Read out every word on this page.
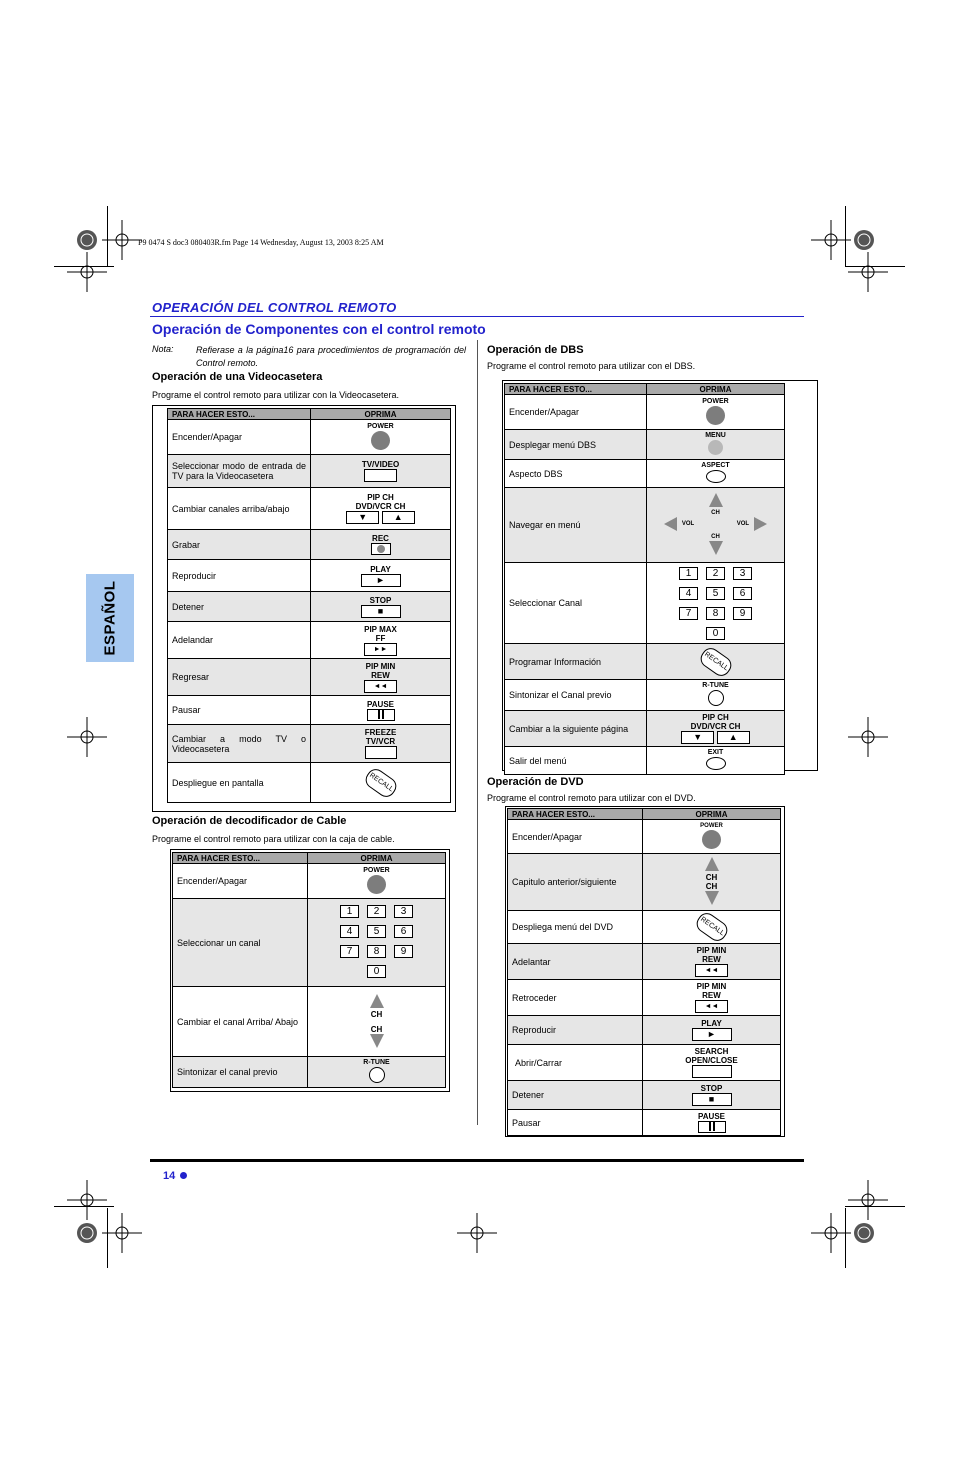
P9 0474 S doc3 080403R.fm Page 14 Wednesday, August 13, 2003 8:25 AM
OPERACIÓN DEL CONTROL REMOTO
Operación de Componentes con el control remoto
ESPAÑOL
Nota: Refierase a la página16 para procedimientos de programación del Control remoto.
Operación de una Videocasetera
Programe el control remoto para utilizar con la Videocasetera.
PARA HACER ESTO...	OPRIMA
Encender/Apagar	POWER

Seleccionar modo de entrada de TV para la Videocasetera	TV/VIDEO

Cambiar canales arriba/abajo	PIP CH
DVD/VCR CH
▼ ▲
Grabar	REC

Reproducir	PLAY
►
Detener	STOP
■
Adelandar	PIP MAX
FF
►►
Regresar	PIP MIN
REW
◄◄
Pausar	PAUSE

Cambiar a modo TV o Videocasetera	FREEZE
TV/VCR

Despliegue en pantalla	RECALL
Operación de decodificador de Cable
Programe el control remoto para utilizar con la caja de cable.
PARA HACER ESTO...	OPRIMA
Encender/Apagar	POWER

Seleccionar un canal	1 2 3
4 5 6
7 8 9
0

Cambiar el canal Arriba/ Abajo	CH
CH

Sintonizar el canal previo	R-TUNE
Operación de DBS
Programe el control remoto para utilizar con el DBS.
PARA HACER ESTO...	OPRIMA
Encender/Apagar	POWER

Desplegar menú DBS	MENU

Aspecto DBS	ASPECT

Navegar en menú	CH
VOL VOL
CH

Seleccionar Canal	1 2 3
4 5 6
7 8 9
0

Programar Información	RECALL
Sintonizar el Canal previo	R-TUNE

Cambiar a la siguiente página	PIP CH
DVD/VCR CH
▼ ▲
Salir del menú	EXIT
Operación de DVD
Programe el control remoto para utilizar con el DVD.
PARA HACER ESTO...	OPRIMA
Encender/Apagar	POWER

Capitulo anterior/siguiente	CH
CH

Despliega menú del DVD	RECALL
Adelantar	PIP MIN
REW
◄◄
Retroceder	PIP MIN
REW
◄◄
Reproducir	PLAY
►
Abrir/Carrar	SEARCH
OPEN/CLOSE

Detener	STOP
■
Pausar	PAUSE
14
